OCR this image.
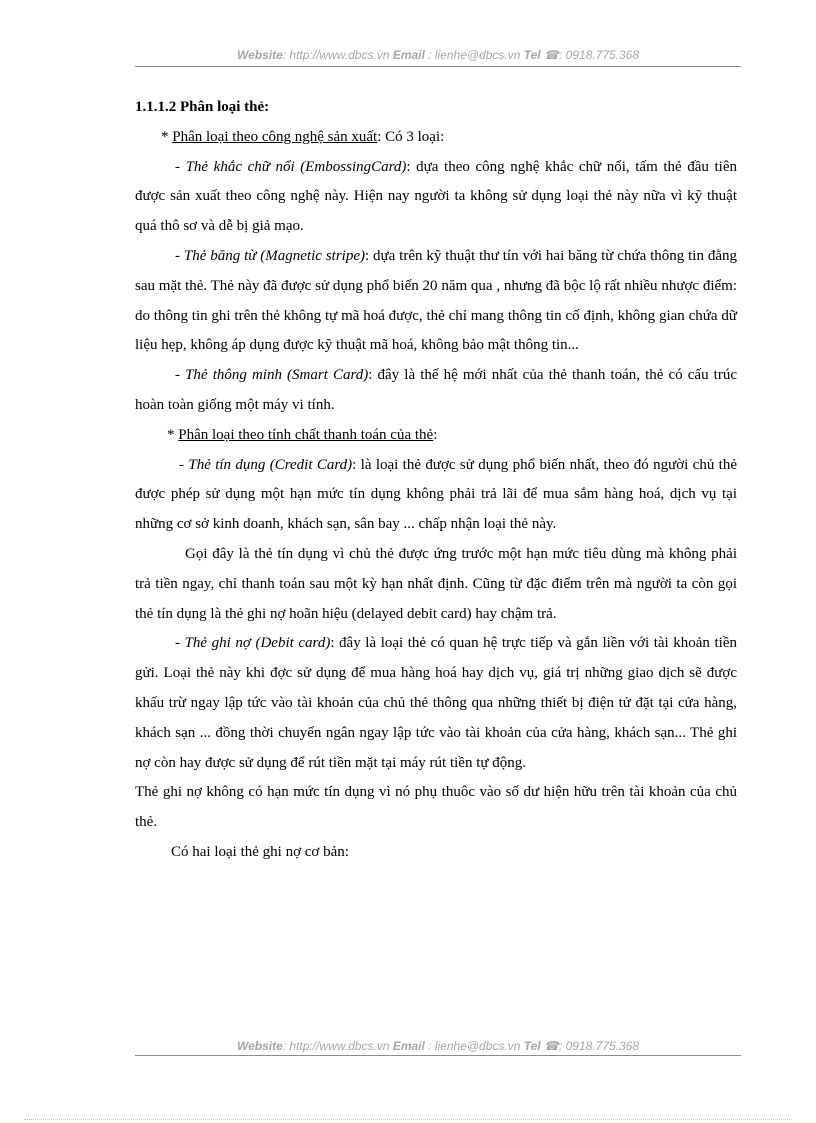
Website: http://www.dbcs.vn Email : lienhe@dbcs.vn Tel ☎: 0918.775.368

1.1.1.2 Phân loại thẻ:

* Phân loại theo công nghệ sản xuất: Có 3 loại:

- Thẻ khắc chữ nổi (EmbossingCard): dựa theo công nghệ khắc chữ nổi, tấm thẻ đầu tiên được sản xuất theo công nghệ này. Hiện nay người ta không sử dụng loại thẻ này nữa vì kỹ thuật quá thô sơ và dễ bị giả mạo.

- Thẻ băng từ (Magnetic stripe): dựa trên kỹ thuật thư tín với hai băng từ chứa thông tin đằng sau mặt thẻ. Thẻ này đã được sử dụng phổ biến 20 năm qua , nhưng đã bộc lộ rất nhiều nhược điểm: do thông tin ghi trên thẻ không tự mã hoá được, thẻ chỉ mang thông tin cố định, không gian chứa dữ liệu hẹp, không áp dụng được kỹ thuật mã hoá, không bảo mật thông tin...

- Thẻ thông minh (Smart Card): đây là thế hệ mới nhất của thẻ thanh toán, thẻ có cấu trúc hoàn toàn giống một máy vi tính.

* Phân loại theo tính chất thanh toán của thẻ:

- Thẻ tín dụng (Credit Card): là loại thẻ được sử dụng phổ biến nhất, theo đó người chủ thẻ được phép sử dụng một hạn mức tín dụng không phải trả lãi để mua sắm hàng hoá, dịch vụ tại những cơ sở kinh doanh, khách sạn, sân bay ... chấp nhận loại thẻ này.

Gọi đây là thẻ tín dụng vì chủ thẻ được ứng trước một hạn mức tiêu dùng mà không phải trả tiền ngay, chỉ thanh toán sau một kỳ hạn nhất định. Cũng từ đặc điểm trên mà người ta còn gọi thẻ tín dụng là thẻ ghi nợ hoãn hiệu (delayed debit card) hay chậm trả.

- Thẻ ghi nợ (Debit card): đây là loại thẻ có quan hệ trực tiếp và gắn liền với tài khoản tiền gửi. Loại thẻ này khi đợc sử dụng để mua hàng hoá hay dịch vụ, giá trị những giao dịch sẽ được khấu trừ ngay lập tức vào tài khoản của chủ thẻ thông qua những thiết bị điện tử đặt tại cửa hàng, khách sạn ... đồng thời chuyển ngân ngay lập tức vào tài khoản của cửa hàng, khách sạn... Thẻ ghi nợ còn hay được sử dụng để rút tiền mặt tại máy rút tiền tự động.

Thẻ ghi nợ không có hạn mức tín dụng vì nó phụ thuôc vào số dư hiện hữu trên tài khoản của chủ thẻ.

Có hai loại thẻ ghi nợ cơ bản:

Website: http://www.dbcs.vn Email : lienhe@dbcs.vn Tel ☎: 0918.775.368
